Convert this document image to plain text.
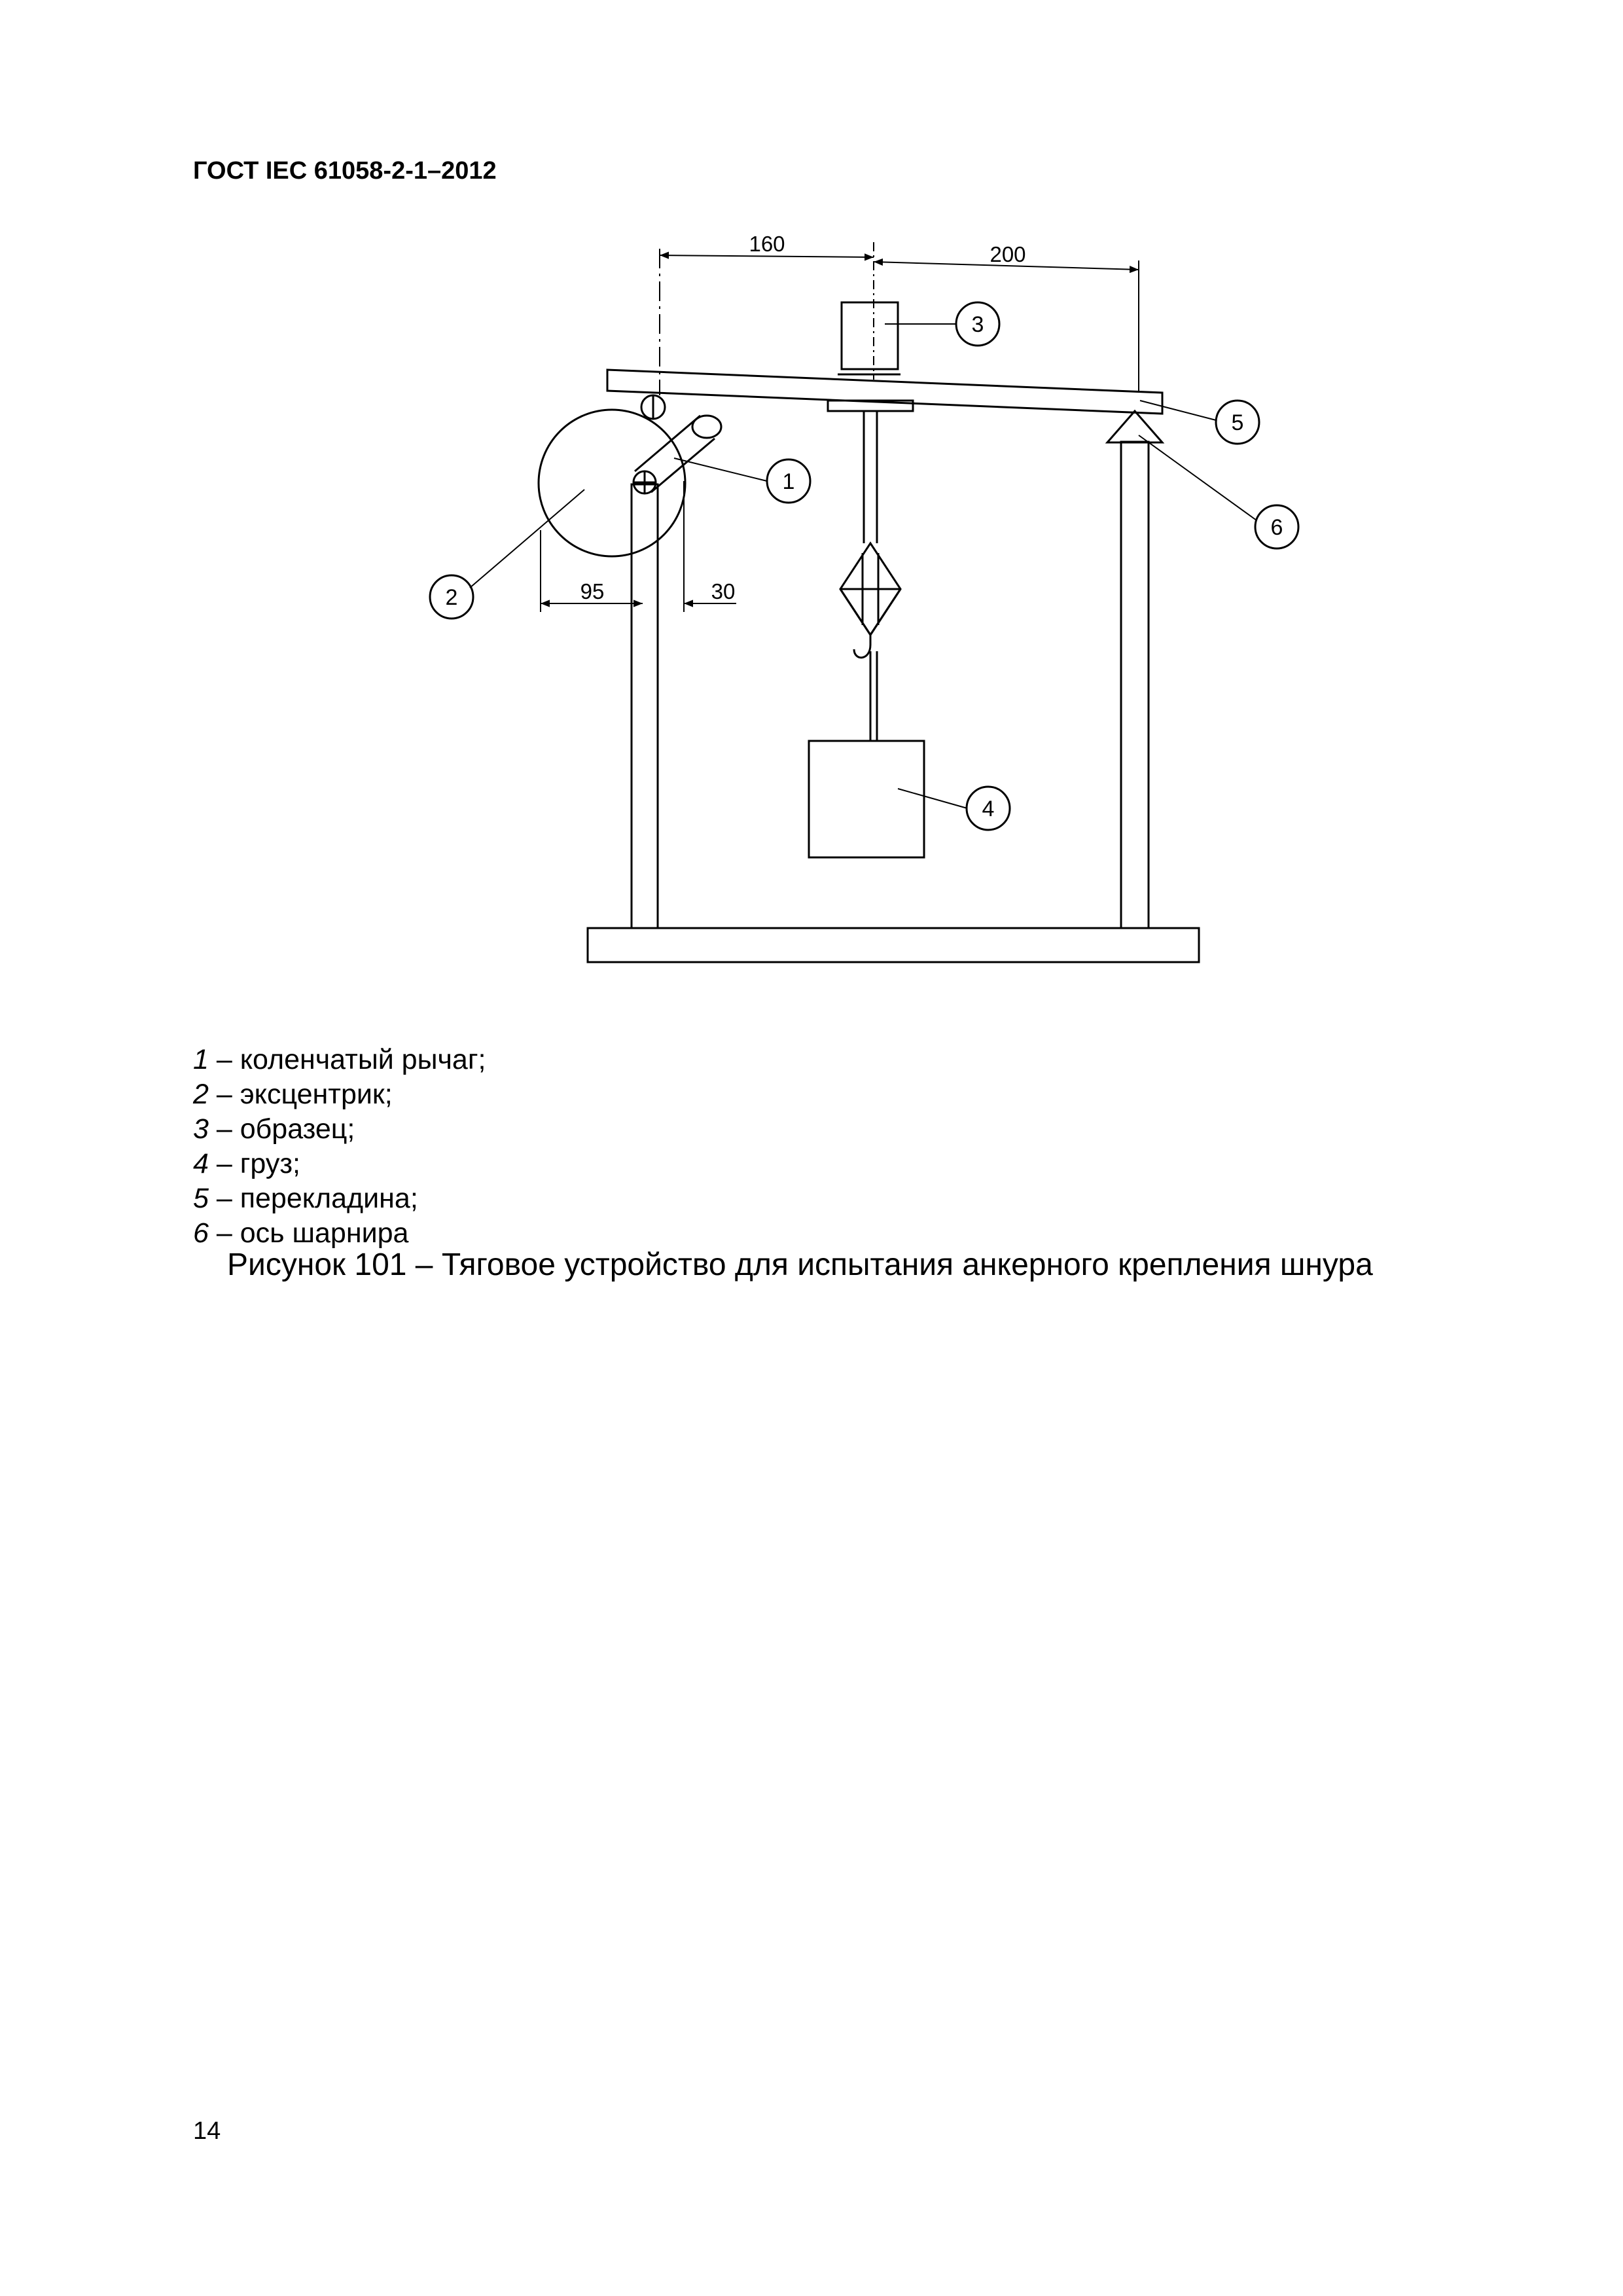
ГОСТ IEC 61058-2-1–2012
160	200
95	30
3
1
2
4
5
6
1 – коленчатый рычаг;
2 – эксцентрик;
3 – образец;
4 – груз;
5 – перекладина;
6 – ось шарнира
Рисунок 101 – Тяговое устройство для испытания анкерного крепления шнура
14
